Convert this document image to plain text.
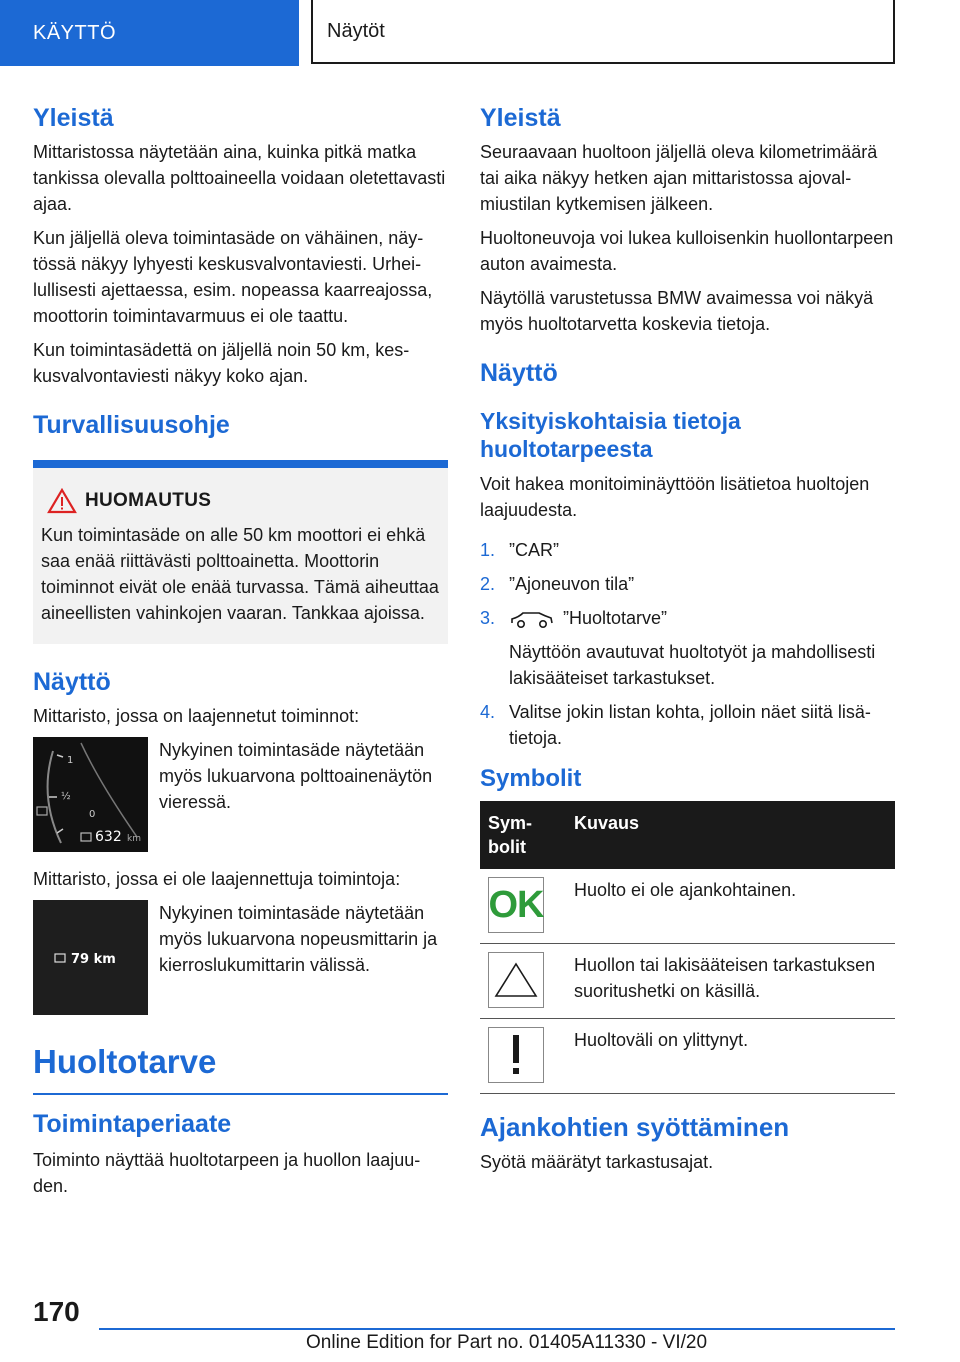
KÄYTTÖ	Näytöt
Yleistä

Mittaristossa näytetään aina, kuinka pitkä matka tankissa olevalla polttoaineella voidaan oletettavasti ajaa.

Kun jäljellä oleva toimintasäde on vähäinen, näytössä näkyy lyhyesti keskusvalvontaviesti. Urheilullisesti ajettaessa, esim. nopeassa kaarreajossa, moottorin toimintavarmuus ei ole taattu.

Kun toimintasädettä on jäljellä noin 50 km, keskusvalvontaviesti näkyy koko ajan.

Turvallisuusohje
HUOMAUTUS

Kun toimintasäde on alle 50 km moottori ei ehkä saa enää riittävästi polttoainetta. Moottorin toiminnot eivät ole enää turvassa. Tämä aiheuttaa aineellisten vahinkojen vaaran. Tankkaa ajoissa.

Näyttö

Mittaristo, jossa on laajennetut toiminnot:

1
½
0
632 km

Nykyinen toimintasäde näytetään myös lukuarvona polttoainenäytön vieressä.

Mittaristo, jossa ei ole laajennettuja toimintoja:

79 km

Nykyinen toimintasäde näytetään myös lukuarvona nopeusmittarin ja kierroslukumittarin välissä.

Huoltotarve
Toimintaperiaate

Toiminto näyttää huoltotarpeen ja huollon laajuuden.

Yleistä

Seuraavaan huoltoon jäljellä oleva kilometrimäärä tai aika näkyy hetken ajan mittaristossa ajovalmiustilan kytkemisen jälkeen.

Huoltoneuvoja voi lukea kulloisenkin huollontarpeen auton avaimesta.

Näytöllä varustetussa BMW avaimessa voi näkyä myös huoltotarvetta koskevia tietoja.

Näyttö
Yksityiskohtaisia tietoja huoltotarpeesta

Voit hakea monitoiminäyttöön lisätietoa huoltojen laajuudesta.

1. ”CAR”
2. ”Ajoneuvon tila”
3.	”Huoltotarve”
Näyttöön avautuvat huoltotyöt ja mahdollisesti lakisääteiset tarkastukset.
4. Valitse jokin listan kohta, jolloin näet siitä lisätietoja.
Symbolit
Symbolit	Kuvaus

OK	Huolto ei ole ajankohtainen.

	Huollon tai lakisääteisen tarkastuksen suoritushetki on käsillä.

	Huoltoväli on ylittynyt.
Ajankohtien syöttäminen

Syötä määrätyt tarkastusajat.

170
Online Edition for Part no. 01405A11330 - VI/20
